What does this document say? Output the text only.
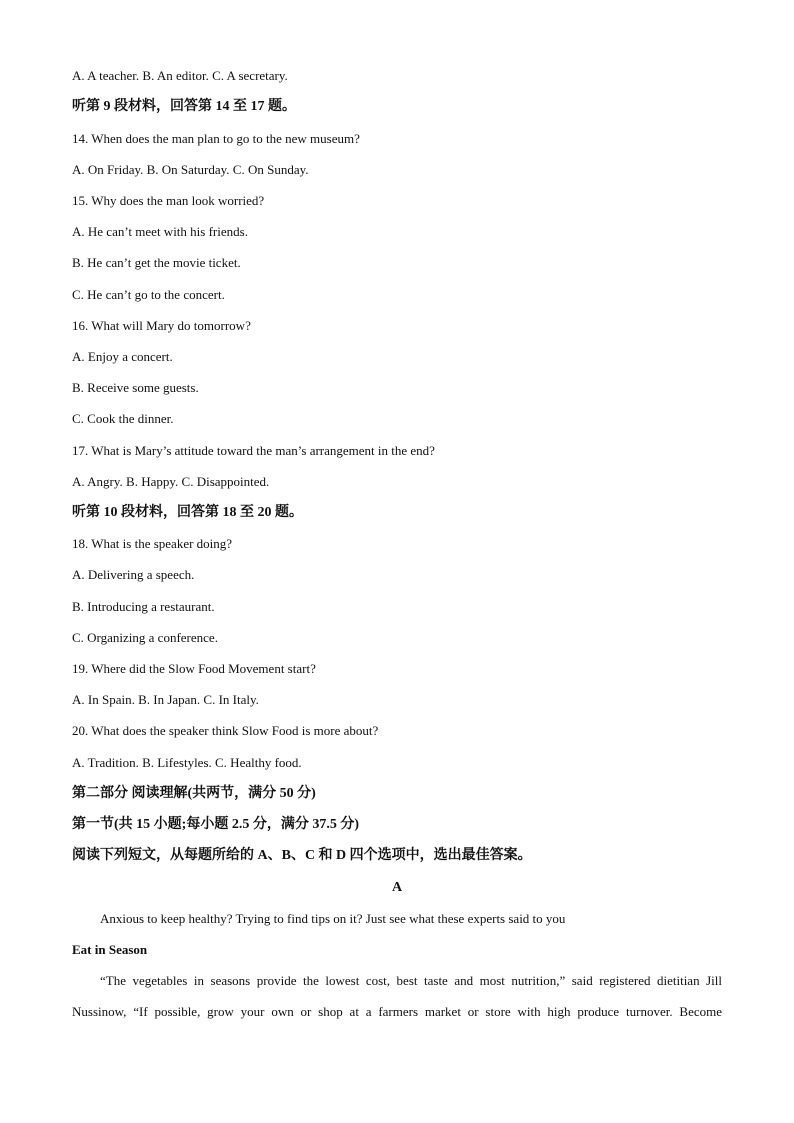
A. A teacher. B. An editor. C. A secretary.
听第 9 段材料，回答第 14 至 17 题。
14. When does the man plan to go to the new museum?
A. On Friday. B. On Saturday. C. On Sunday.
15. Why does the man look worried?
A. He can’t meet with his friends.
B. He can’t get the movie ticket.
C. He can’t go to the concert.
16. What will Mary do tomorrow?
A. Enjoy a concert.
B. Receive some guests.
C. Cook the dinner.
17. What is Mary’s attitude toward the man’s arrangement in the end?
A. Angry. B. Happy. C. Disappointed.
听第 10 段材料，回答第 18 至 20 题。
18. What is the speaker doing?
A. Delivering a speech.
B. Introducing a restaurant.
C. Organizing a conference.
19. Where did the Slow Food Movement start?
A. In Spain. B. In Japan. C. In Italy.
20. What does the speaker think Slow Food is more about?
A. Tradition. B. Lifestyles. C. Healthy food.
第二部分 阅读理解(共两节，满分 50 分)
第一节(共 15 小题;每小题 2.5 分，满分 37.5 分)
阅读下列短文，从每题所给的 A、B、C 和 D 四个选项中，选出最佳答案。
A
Anxious to keep healthy? Trying to find tips on it? Just see what these experts said to you
Eat in Season
“The vegetables in seasons provide the lowest cost, best taste and most nutrition,” said registered dietitian Jill
Nussinow, “If possible, grow your own or shop at a farmers market or store with high produce turnover. Become
